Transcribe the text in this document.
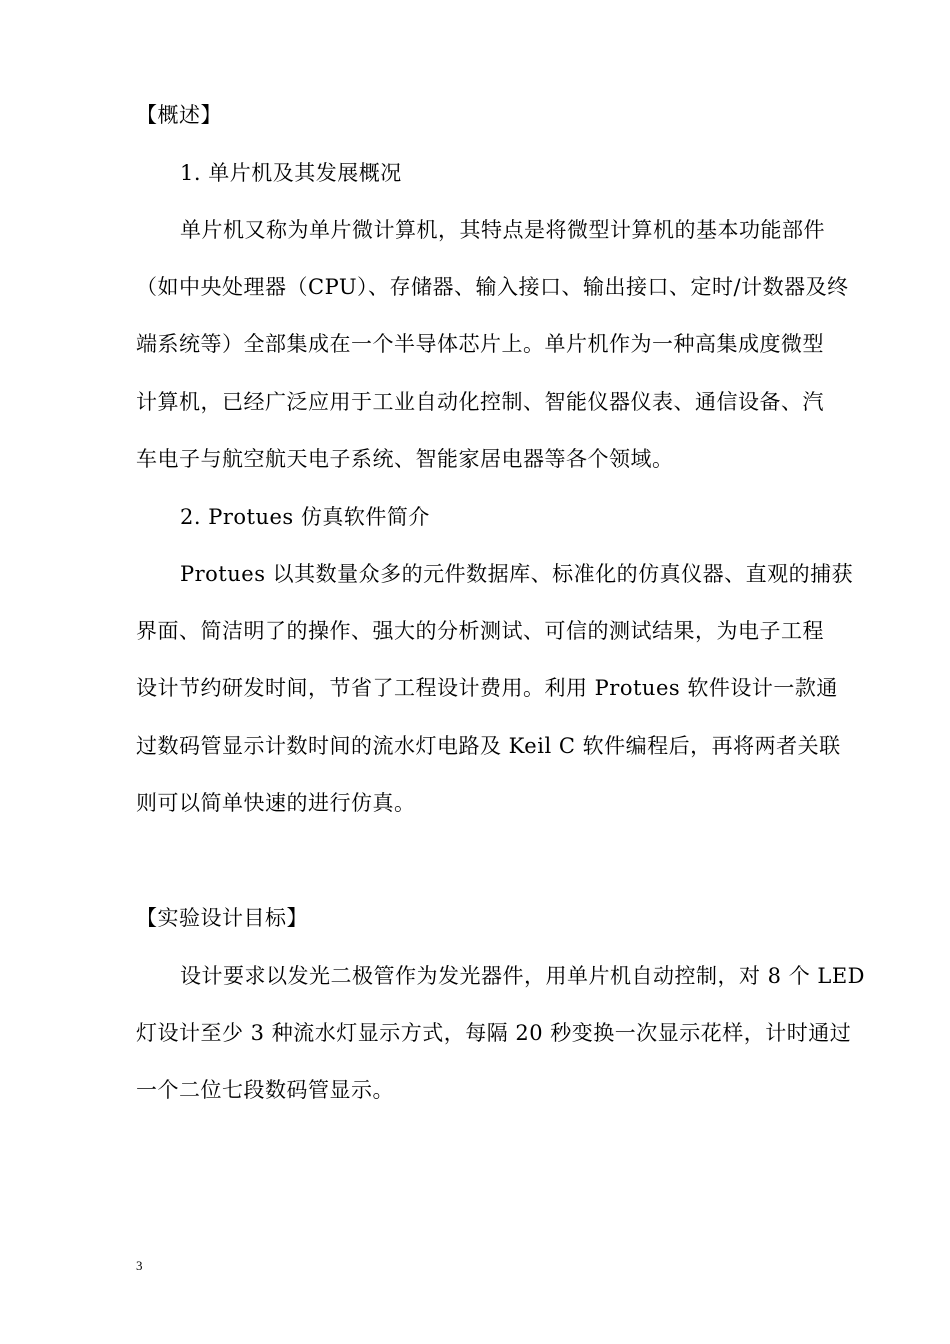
【概述】
1. 单片机及其发展概况
单片机又称为单片微计算机，其特点是将微型计算机的基本功能部件
（如中央处理器（CPU）、存储器、输入接口、输出接口、定时/计数器及终
端系统等）全部集成在一个半导体芯片上。单片机作为一种高集成度微型
计算机，已经广泛应用于工业自动化控制、智能仪器仪表、通信设备、汽
车电子与航空航天电子系统、智能家居电器等各个领域。
2. Protues 仿真软件简介
Protues 以其数量众多的元件数据库、标准化的仿真仪器、直观的捕获
界面、简洁明了的操作、强大的分析测试、可信的测试结果，为电子工程
设计节约研发时间，节省了工程设计费用。利用 Protues 软件设计一款通
过数码管显示计数时间的流水灯电路及 Keil C 软件编程后，再将两者关联
则可以简单快速的进行仿真。
【实验设计目标】
设计要求以发光二极管作为发光器件，用单片机自动控制，对 8 个 LED
灯设计至少 3 种流水灯显示方式，每隔 20 秒变换一次显示花样，计时通过
一个二位七段数码管显示。
3
